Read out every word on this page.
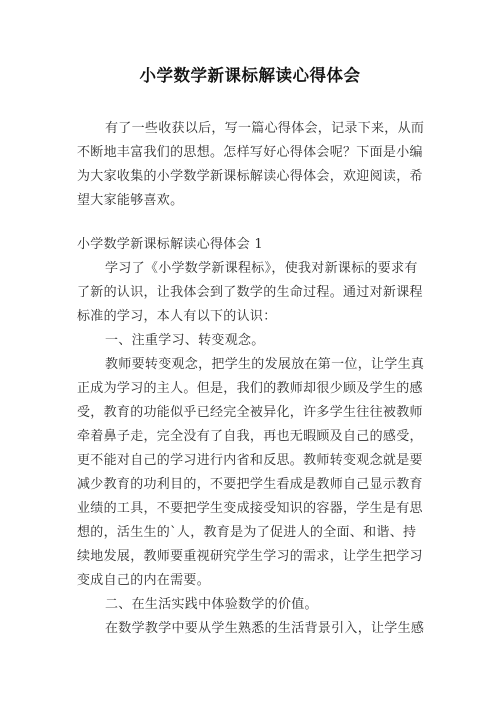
小学数学新课标解读心得体会
有了一些收获以后，写一篇心得体会，记录下来，从而
不断地丰富我们的思想。怎样写好心得体会呢？下面是小编
为大家收集的小学数学新课标解读心得体会，欢迎阅读，希
望大家能够喜欢。
小学数学新课标解读心得体会 1
学习了《小学数学新课程标》，使我对新课标的要求有
了新的认识，让我体会到了数学的生命过程。通过对新课程
标准的学习，本人有以下的认识：
一、注重学习、转变观念。
教师要转变观念，把学生的发展放在第一位，让学生真
正成为学习的主人。但是，我们的教师却很少顾及学生的感
受，教育的功能似乎已经完全被异化，许多学生往往被教师
牵着鼻子走，完全没有了自我，再也无暇顾及自己的感受，
更不能对自己的学习进行内省和反思。教师转变观念就是要
减少教育的功利目的，不要把学生看成是教师自己显示教育
业绩的工具，不要把学生变成接受知识的容器，学生是有思
想的，活生生的`人，教育是为了促进人的全面、和谐、持
续地发展，教师要重视研究学生学习的需求，让学生把学习
变成自己的内在需要。
二、在生活实践中体验数学的价值。
在数学教学中要从学生熟悉的生活背景引入，让学生感
